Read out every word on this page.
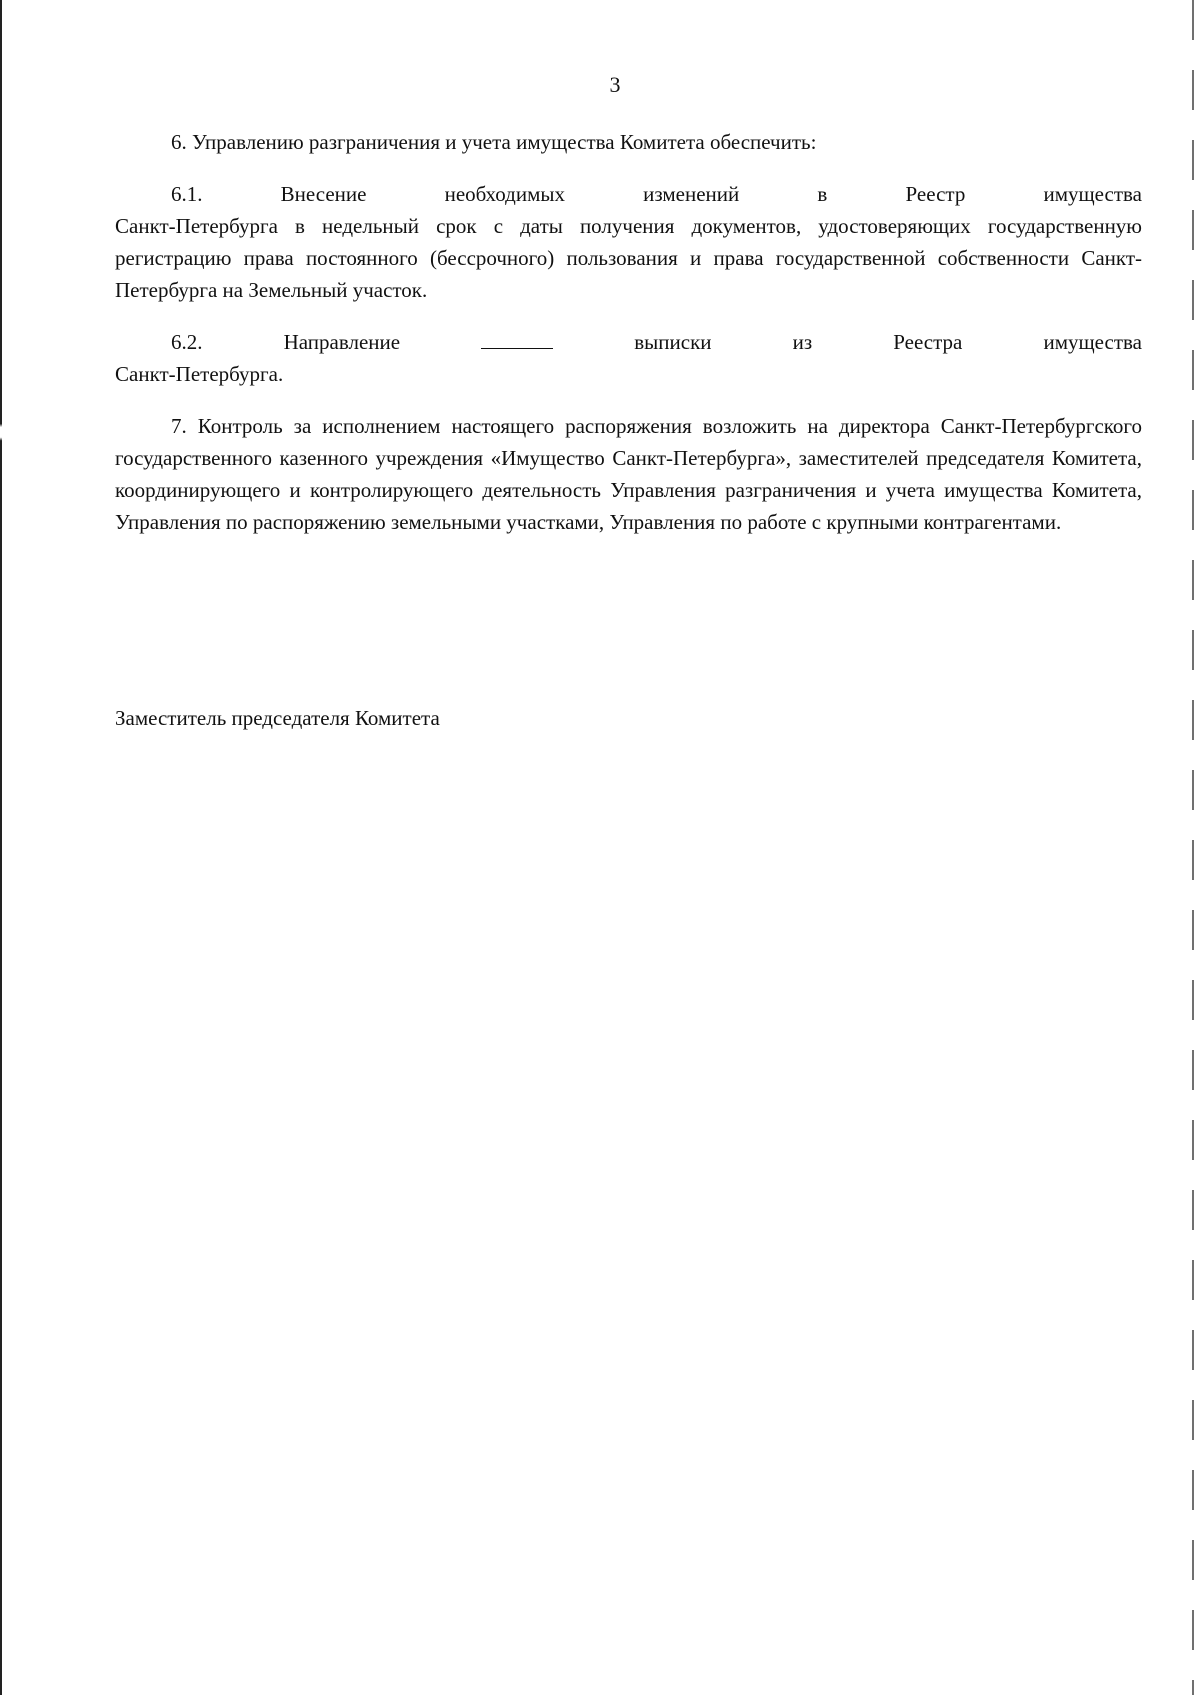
3

6. Управлению разграничения и учета имущества Комитета обеспечить:

6.1.	Внесение	необходимых	изменений	в	Реестр	имущества
Санкт-Петербурга в недельный срок с даты получения документов, удостоверяющих государственную регистрацию права постоянного (бессрочного) пользования и права государственной собственности Санкт-Петербурга на Земельный участок.
6.2.	Направление	выписки	из	Реестра	имущества
Санкт-Петербурга.

7. Контроль за исполнением настоящего распоряжения возложить на директора Санкт-Петербургского государственного казенного учреждения «Имущество Санкт-Петербурга», заместителей председателя Комитета, координирующего и контролирующего деятельность Управления разграничения и учета имущества Комитета, Управления по распоряжению земельными участками, Управления по работе с крупными контрагентами.

Заместитель председателя Комитета
